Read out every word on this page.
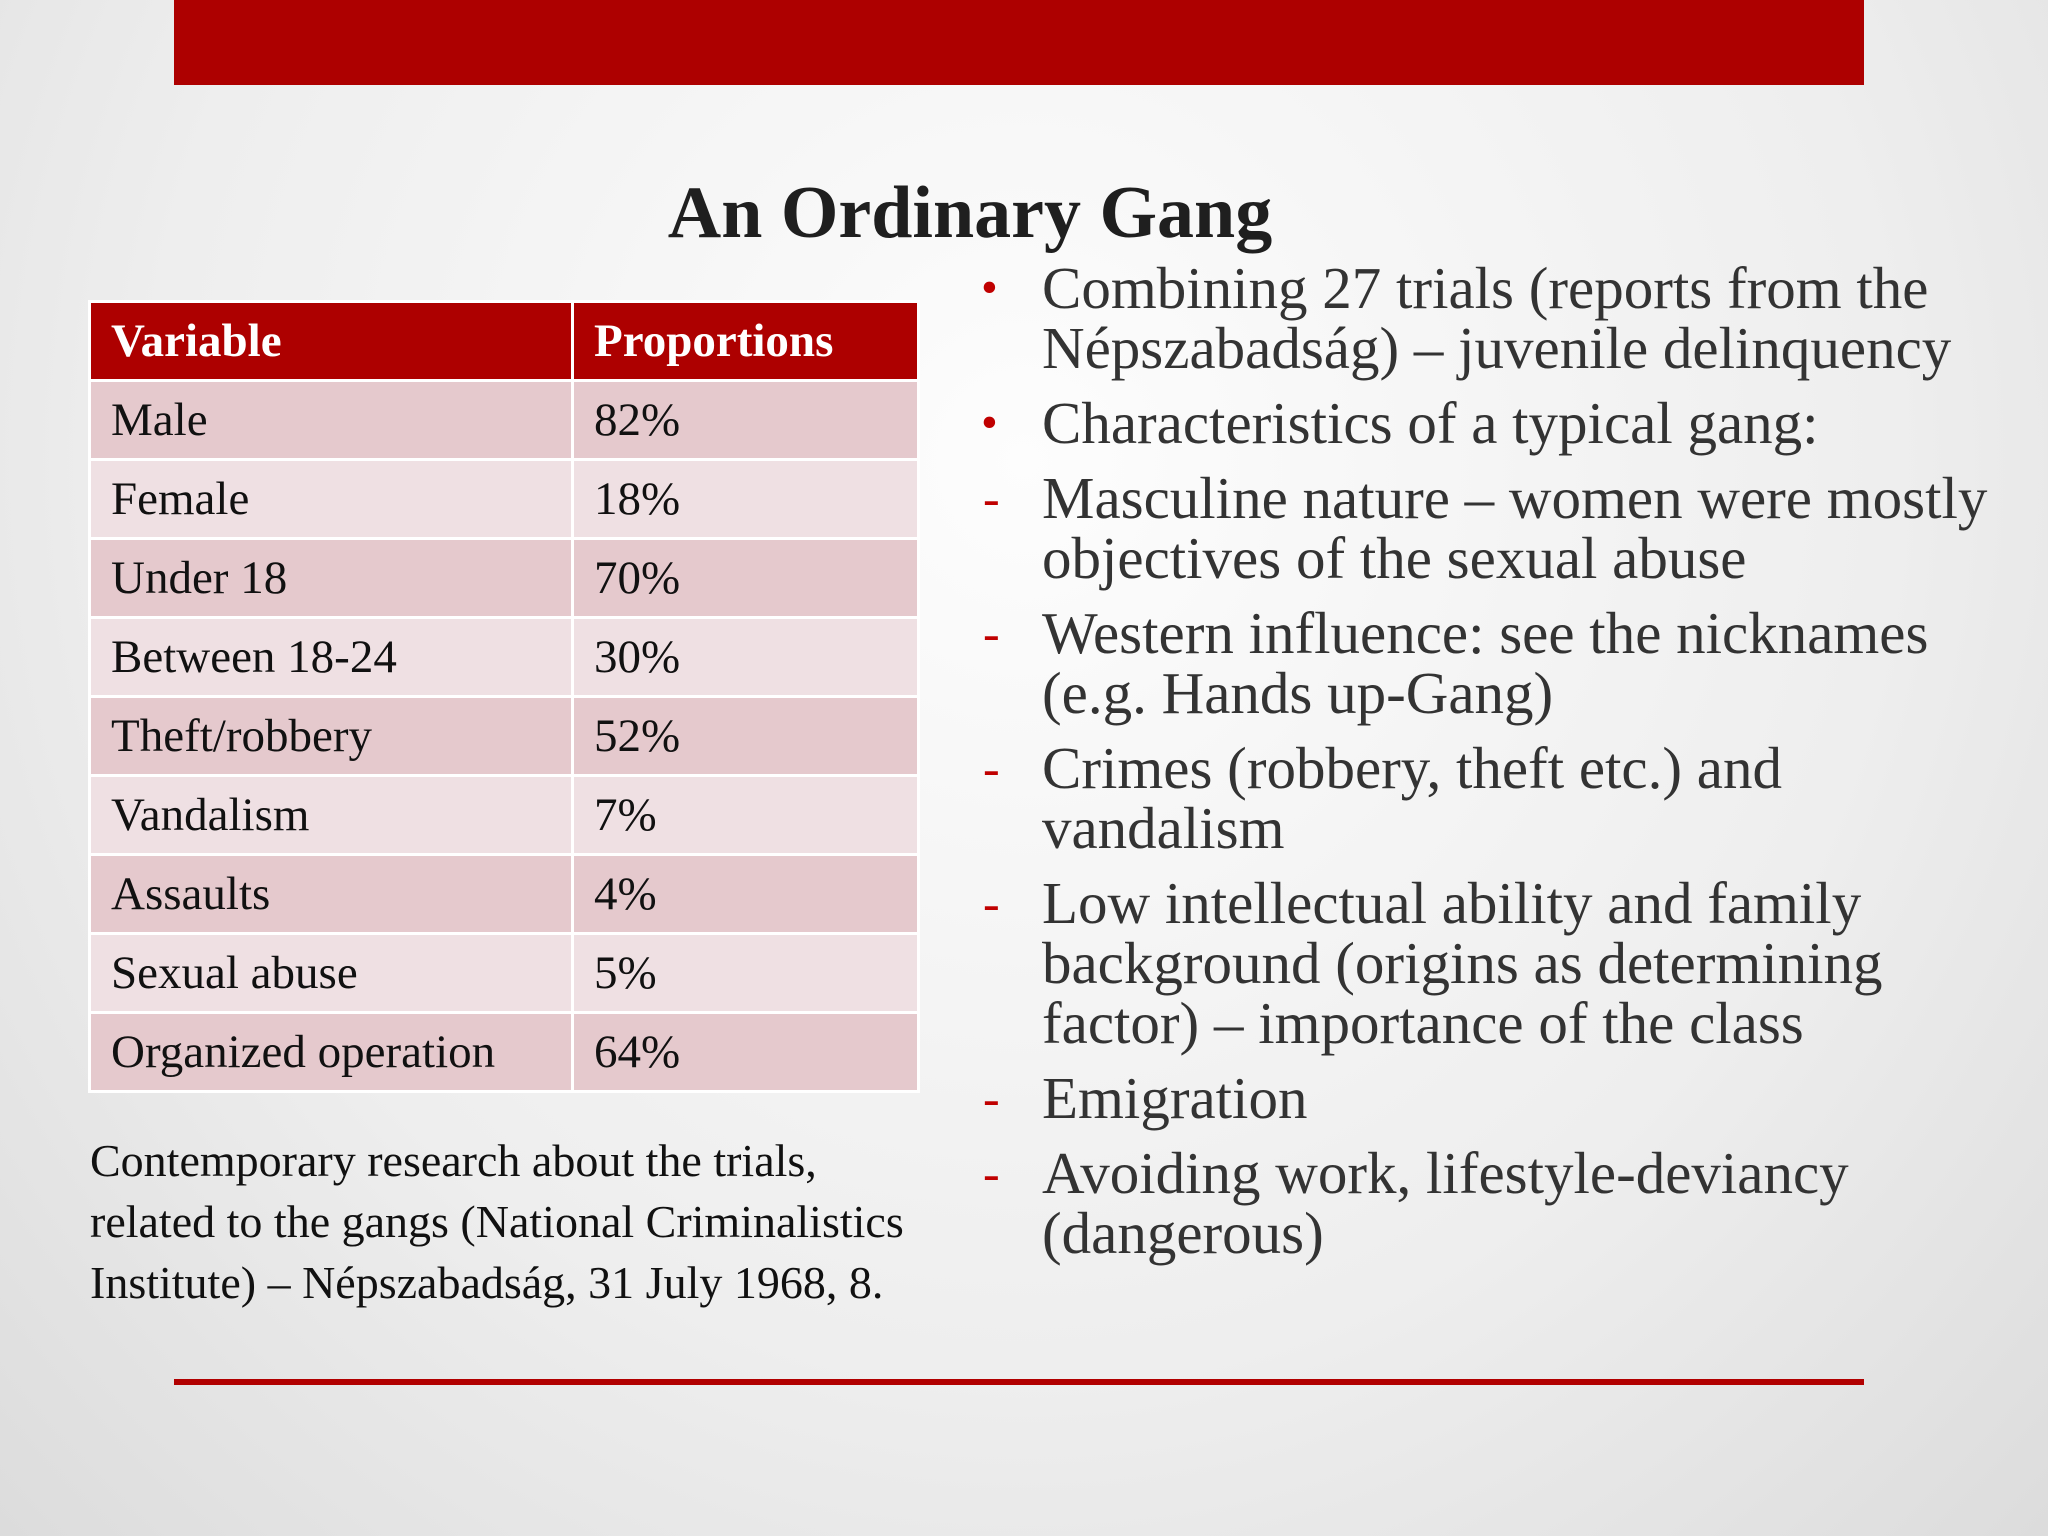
An Ordinary Gang
Variable	Proportions
Male	82%
Female	18%
Under 18	70%
Between 18-24	30%
Theft/robbery	52%
Vandalism	7%
Assaults	4%
Sexual abuse	5%
Organized operation	64%
Contemporary research about the trials, related to the gangs (National Criminalistics Institute) – Népszabadság, 31 July 1968, 8.
• Combining 27 trials (reports from the Népszabadság) – juvenile delinquency
• Characteristics of a typical gang:
- Masculine nature – women were mostly objectives of the sexual abuse
- Western influence: see the nicknames (e.g. Hands up-Gang)
- Crimes (robbery, theft etc.) and vandalism
- Low intellectual ability and family background (origins as determining factor) – importance of the class
- Emigration
- Avoiding work, lifestyle-deviancy (dangerous)
